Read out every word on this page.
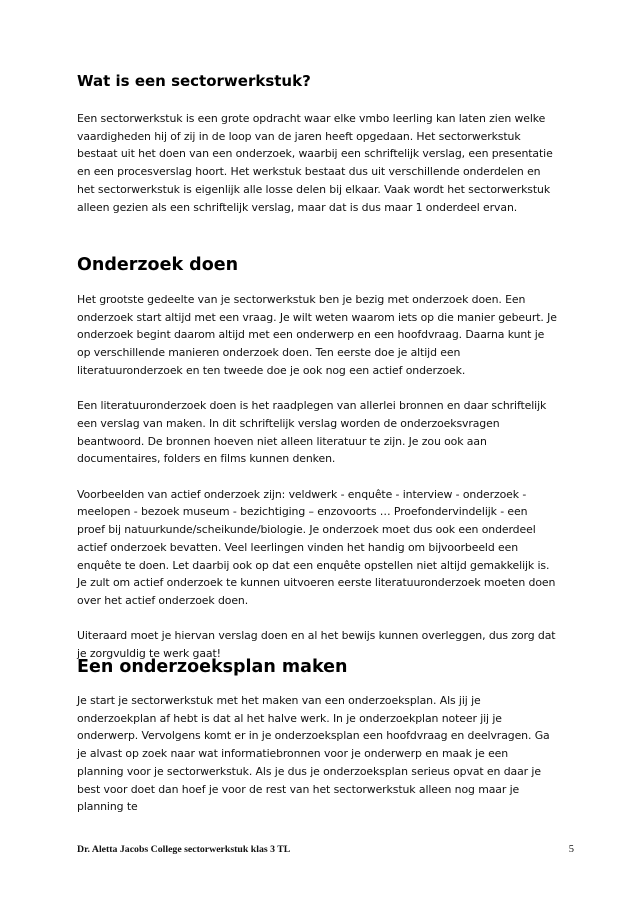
Wat is een sectorwerkstuk?

Een sectorwerkstuk is een grote opdracht waar elke vmbo leerling kan laten zien welke vaardigheden hij of zij in de loop van de jaren heeft opgedaan. Het sectorwerkstuk bestaat uit het doen van een onderzoek, waarbij een schriftelijk verslag, een presentatie en een procesverslag hoort. Het werkstuk bestaat dus uit verschillende onderdelen en het sectorwerkstuk is eigenlijk alle losse delen bij elkaar. Vaak wordt het sectorwerkstuk alleen gezien als een schriftelijk verslag, maar dat is dus maar 1 onderdeel ervan.

Onderzoek doen

Het grootste gedeelte van je sectorwerkstuk ben je bezig met onderzoek doen. Een onderzoek start altijd met een vraag. Je wilt weten waarom iets op die manier gebeurt. Je onderzoek begint daarom altijd met een onderwerp en een hoofdvraag. Daarna kunt je op verschillende manieren onderzoek doen. Ten eerste doe je altijd een literatuuronderzoek en ten tweede doe je ook nog een actief onderzoek.

Een literatuuronderzoek doen is het raadplegen van allerlei bronnen en daar schriftelijk een verslag van maken. In dit schriftelijk verslag worden de onderzoeksvragen beantwoord. De bronnen hoeven niet alleen literatuur te zijn. Je zou ook aan documentaires, folders en films kunnen denken.

Voorbeelden van actief onderzoek zijn: veldwerk - enquête - interview - onderzoek - meelopen - bezoek museum - bezichtiging – enzovoorts … Proefondervindelijk - een proef bij natuurkunde/scheikunde/biologie. Je onderzoek moet dus ook een onderdeel actief onderzoek bevatten. Veel leerlingen vinden het handig om bijvoorbeeld een enquête te doen. Let daarbij ook op dat een enquête opstellen niet altijd gemakkelijk is. Je zult om actief onderzoek te kunnen uitvoeren eerste literatuuronderzoek moeten doen over het actief onderzoek doen.

Uiteraard moet je hiervan verslag doen en al het bewijs kunnen overleggen, dus zorg dat je zorgvuldig te werk gaat!

Een onderzoeksplan maken

Je start je sectorwerkstuk met het maken van een onderzoeksplan. Als jij je onderzoekplan af hebt is dat al het halve werk. In je onderzoekplan noteer jij je onderwerp. Vervolgens komt er in je onderzoeksplan een hoofdvraag en deelvragen. Ga je alvast op zoek naar wat informatiebronnen voor je onderwerp en maak je een planning voor je sectorwerkstuk. Als je dus je onderzoeksplan serieus opvat en daar je best voor doet dan hoef je voor de rest van het sectorwerkstuk alleen nog maar je planning te

Dr. Aletta Jacobs College sectorwerkstuk klas 3 TL	5
